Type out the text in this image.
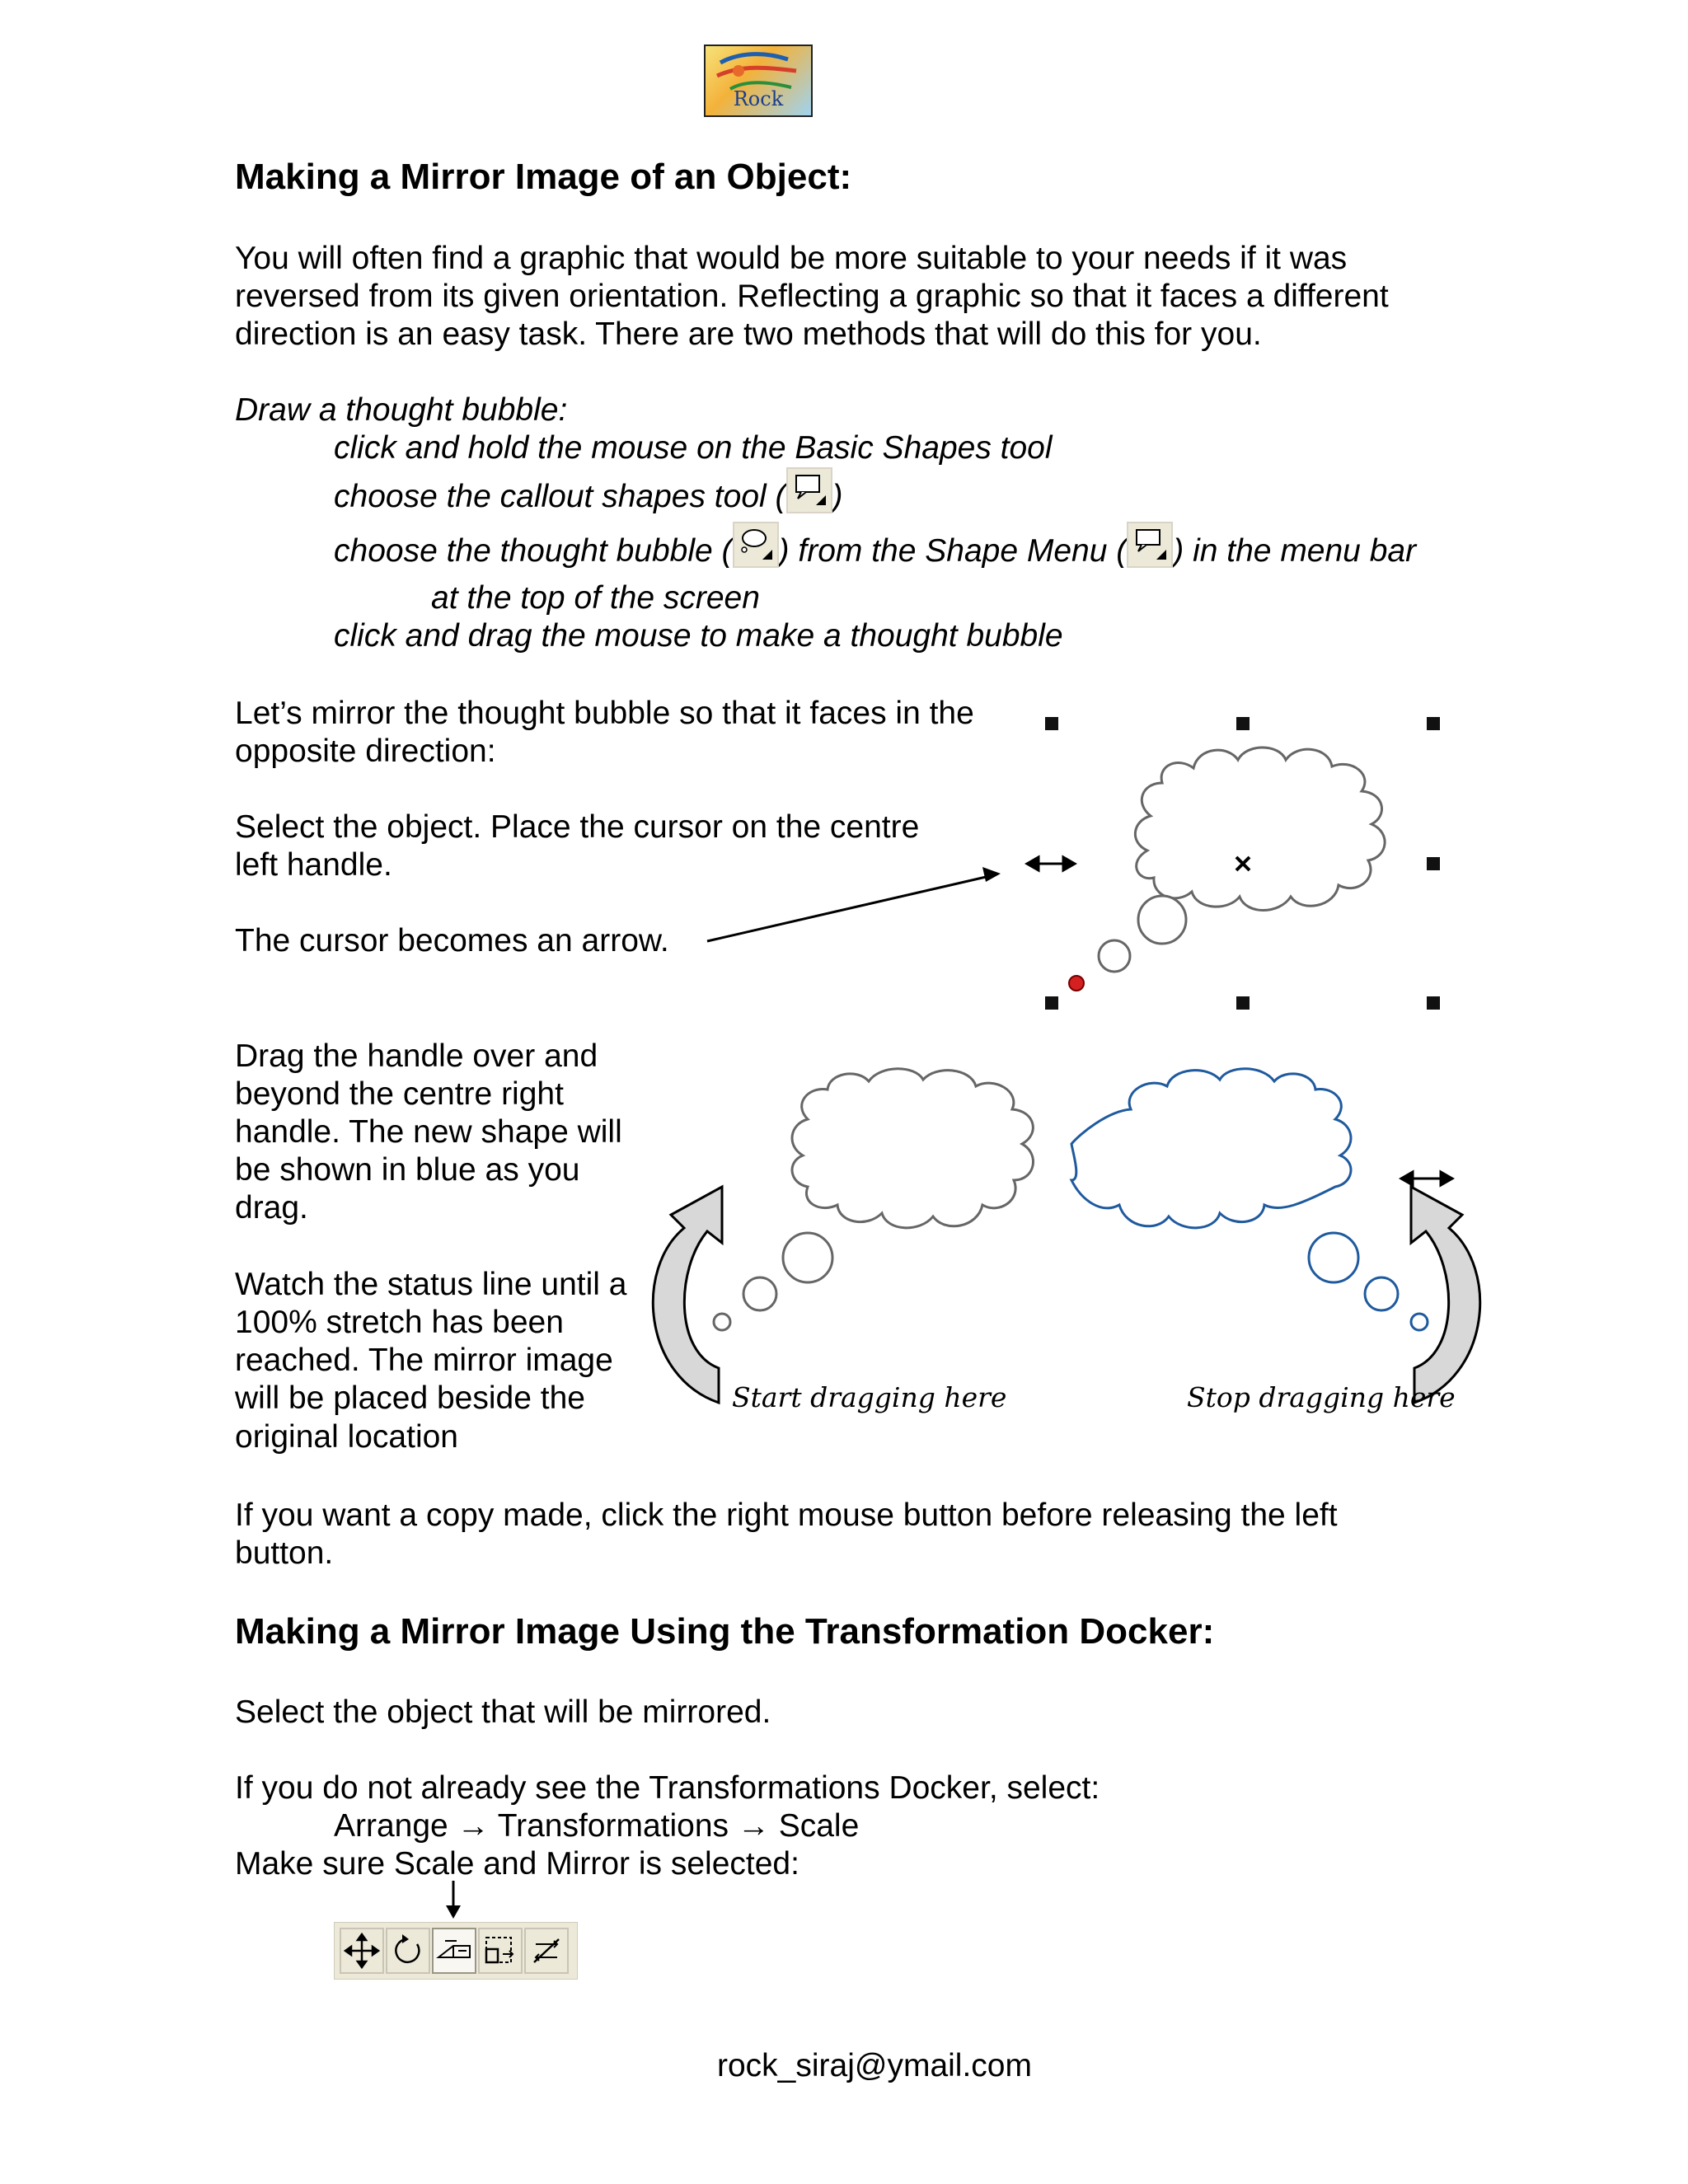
Rock
Making a Mirror Image of an Object:
You will often find a graphic that would be more suitable to your needs if it was
reversed from its given orientation. Reflecting a graphic so that it faces a different
direction is an easy task. There are two methods that will do this for you.
Draw a thought bubble:
click and hold the mouse on the Basic Shapes tool
choose the callout shapes tool ( )
choose the thought bubble ( ) from the Shape Menu ( ) in the menu bar
at the top of the screen
click and drag the mouse to make a thought bubble
Let’s mirror the thought bubble so that it faces in the
opposite direction:
Select the object. Place the cursor on the centre
left handle.
The cursor becomes an arrow.
Drag the handle over and
beyond the centre right
handle. The new shape will
be shown in blue as you
drag.
Watch the status line until a
100% stretch has been
reached. The mirror image
will be placed beside the
original location
Start dragging here	Stop dragging here
If you want a copy made, click the right mouse button before releasing the left
button.
Making a Mirror Image Using the Transformation Docker:
Select the object that will be mirrored.
If you do not already see the Transformations Docker, select:
Arrange → Transformations → Scale
Make sure Scale and Mirror is selected:
rock_siraj@ymail.com
